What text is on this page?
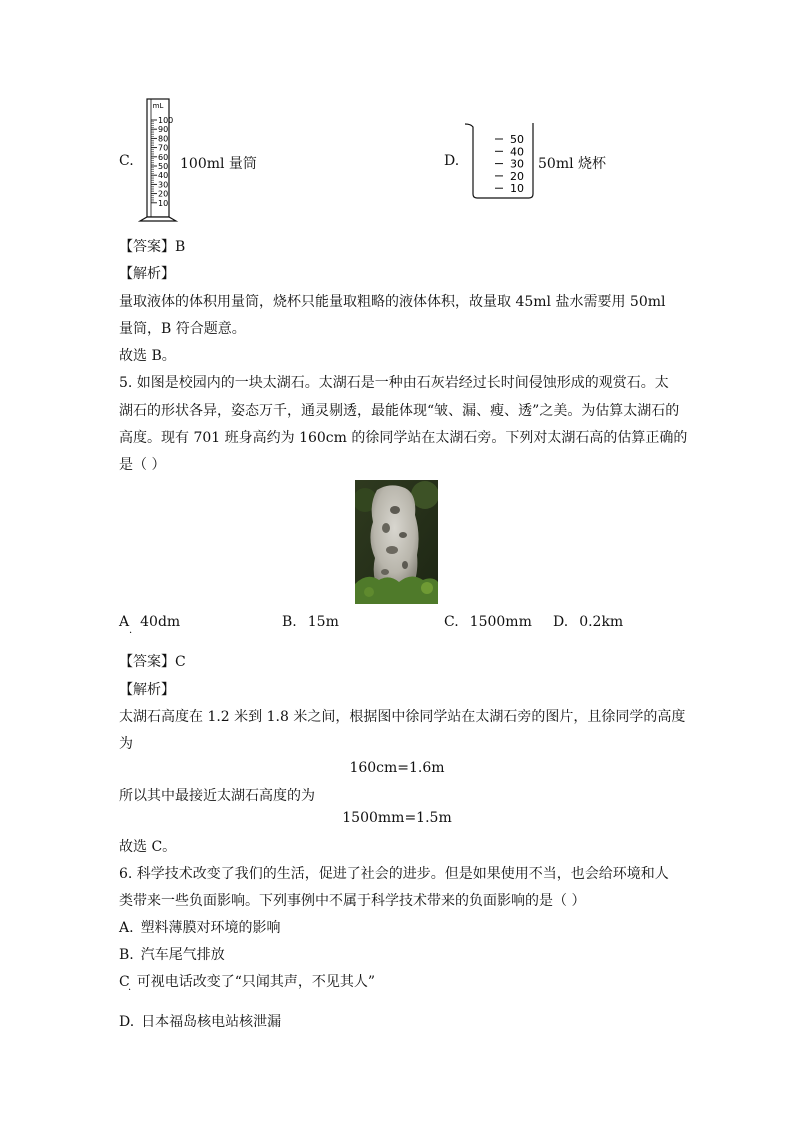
C.
mL
100
90
80
70
60
50
40
30
20
10
100ml 量筒	D.
50
40
30
20
10
50ml 烧杯
【答案】B
【解析】
量取液体的体积用量筒，烧杯只能量取粗略的液体体积，故量取 45ml 盐水需要用 50ml
量筒，B 符合题意。
故选 B。
5. 如图是校园内的一块太湖石。太湖石是一种由石灰岩经过长时间侵蚀形成的观赏石。太
湖石的形状各异，姿态万千，通灵剔透，最能体现“皱、漏、瘦、透”之美。为估算太湖石的
高度。现有 701 班身高约为 160cm 的徐同学站在太湖石旁。下列对太湖石高的估算正确的
是（ ）
A 40dm	B. 15m	C. 1500mm D. 0.2km
·
【答案】C
【解析】
太湖石高度在 1.2 米到 1.8 米之间，根据图中徐同学站在太湖石旁的图片，且徐同学的高度
为
160cm=1.6m
所以其中最接近太湖石高度的为
1500mm=1.5m
故选 C。
6. 科学技术改变了我们的生活，促进了社会的进步。但是如果使用不当，也会给环境和人
类带来一些负面影响。下列事例中不属于科学技术带来的负面影响的是（ ）
A. 塑料薄膜对环境的影响
B. 汽车尾气排放
C 可视电话改变了“只闻其声，不见其人”
D. 日本福岛核电站核泄漏
·
